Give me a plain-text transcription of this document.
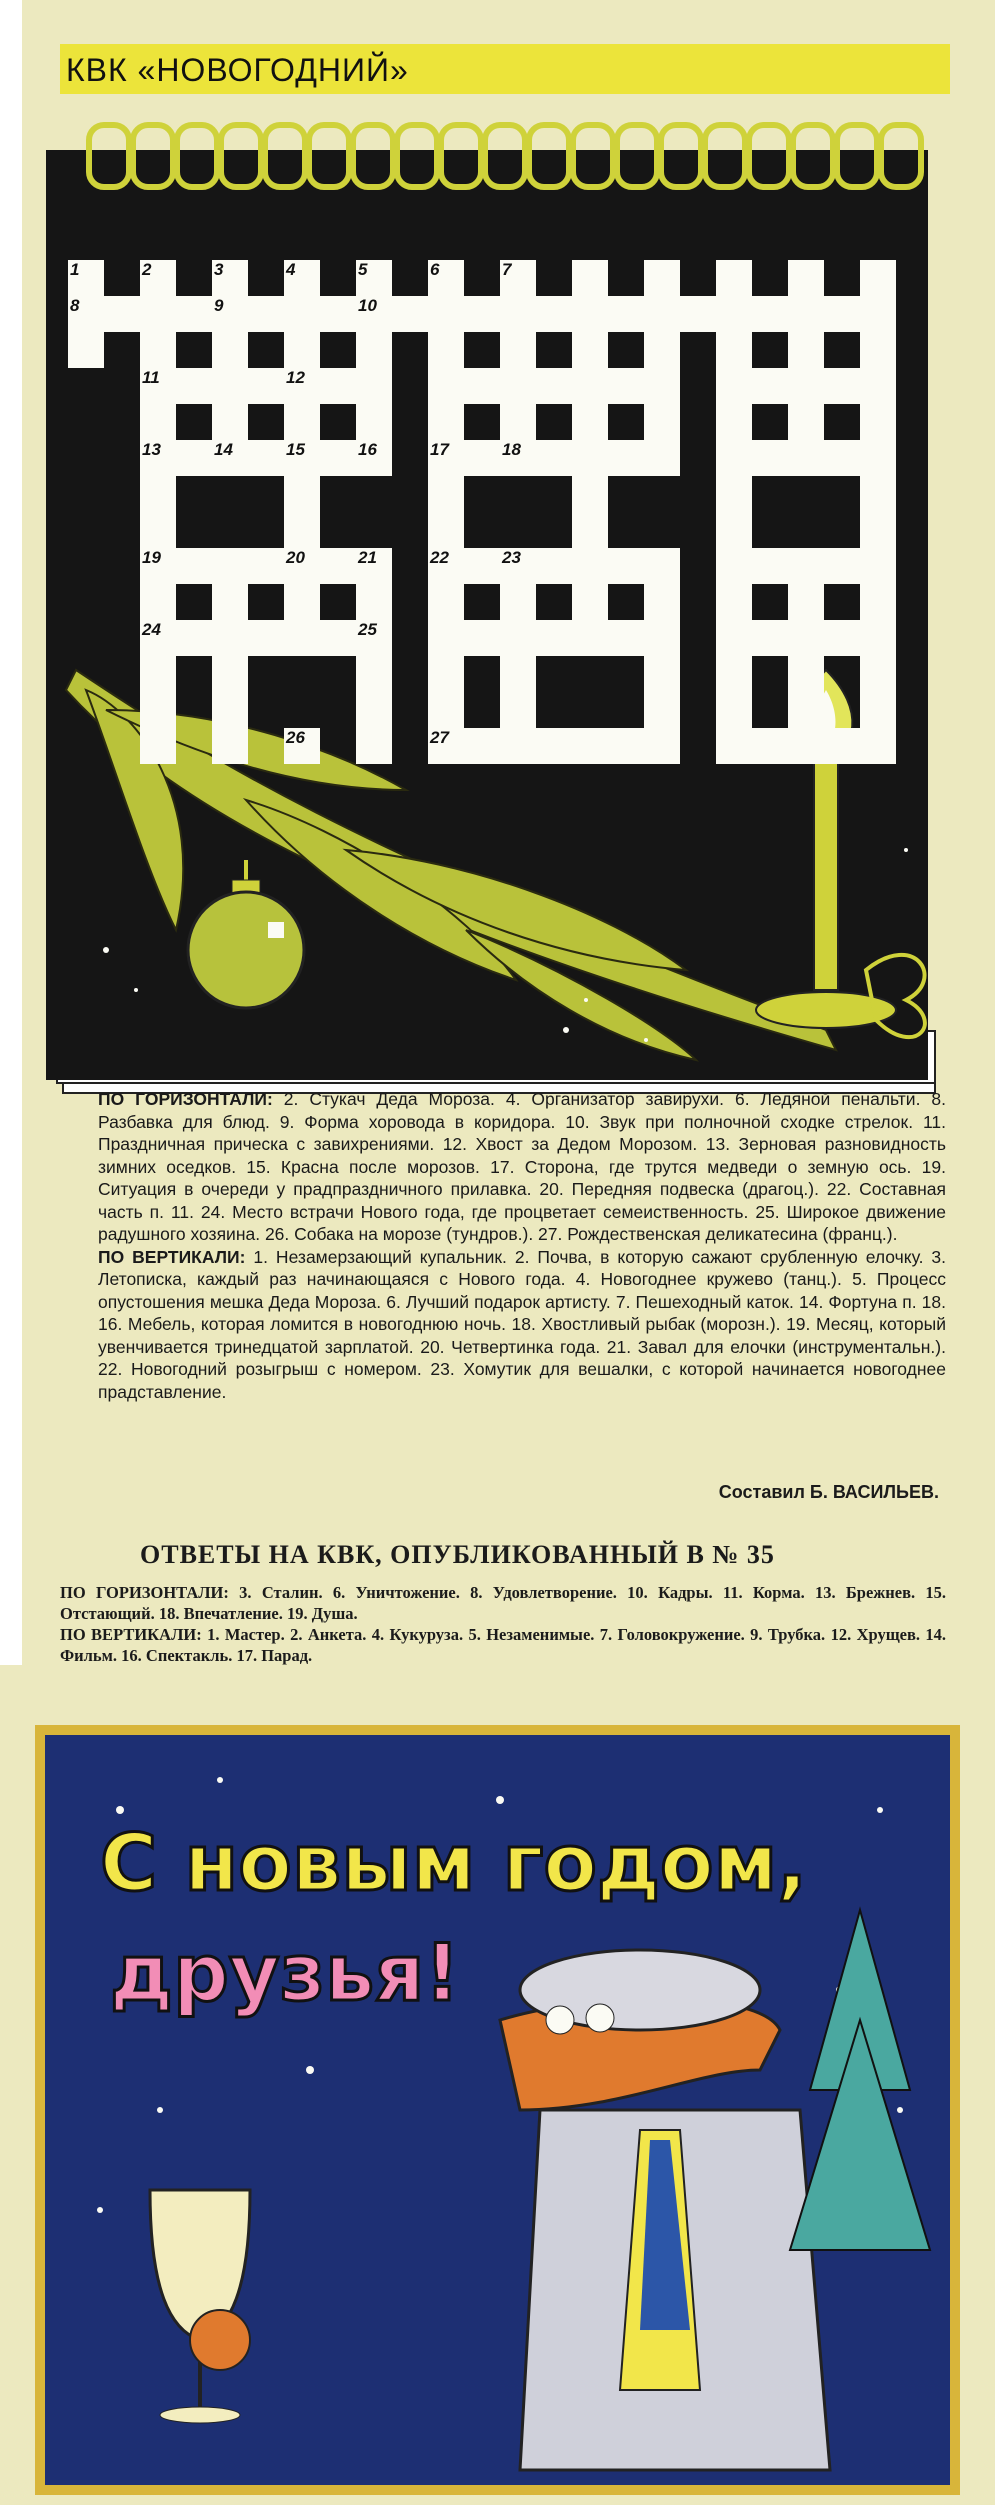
КВК «НОВОГОДНИЙ»
1	2	3	4	5	6	7
8	9	10
11	12
13	14	15	16	17	18
19	20	21	22	23
24	25
26	27

ПО ГОРИЗОНТАЛИ: 2. Стукач Деда Мороза. 4. Организатор завирухи. 6. Ледяной пенальти. 8. Разбавка для блюд. 9. Форма хоровода в коридора. 10. Звук при полночной сходке стрелок. 11. Праздничная прическа с завихрениями. 12. Хвост за Дедом Морозом. 13. Зерновая разновидность зимних оседков. 15. Красна после морозов. 17. Сторона, где трутся медведи о земную ось. 19. Ситуация в очереди у прадпраздничного прилавка. 20. Передняя подвеска (драгоц.). 22. Составная часть п. 11. 24. Место встрачи Нового года, где процветает семеиственность. 25. Широкое движение радушного хозяина. 26. Собака на морозе (тундров.). 27. Рождественская деликатесина (франц.).

ПО ВЕРТИКАЛИ: 1. Незамерзающий купальник. 2. Почва, в которую сажают срубленную елочку. 3. Летописка, каждый раз начинающаяся с Нового года. 4. Новогоднее кружево (танц.). 5. Процесс опустошения мешка Деда Мороза. 6. Лучший подарок артисту. 7. Пешеходный каток. 14. Фортуна п. 18. 16. Мебель, которая ломится в новогоднюю ночь. 18. Хвостливый рыбак (морозн.). 19. Месяц, который увенчивается тринедцатой зарплатой. 20. Четвертинка года. 21. Завал для елочки (инструментальн.). 22. Новогодний розыгрыш с номером. 23. Хомутик для вешалки, с которой начинается новогоднее прадставление.

Составил Б. ВАСИЛЬЕВ.
ОТВЕТЫ НА КВК, ОПУБЛИКОВАННЫЙ В № 35

ПО ГОРИЗОНТАЛИ: 3. Сталин. 6. Уничтожение. 8. Удовлетворение. 10. Кадры. 11. Корма. 13. Брежнев. 15. Отстающий. 18. Впечатление. 19. Душа.

ПО ВЕРТИКАЛИ: 1. Мастер. 2. Анкета. 4. Кукуруза. 5. Незаменимые. 7. Головокружение. 9. Трубка. 12. Хрущев. 14. Фильм. 16. Спектакль. 17. Парад.

С новым годом,
друзья!
